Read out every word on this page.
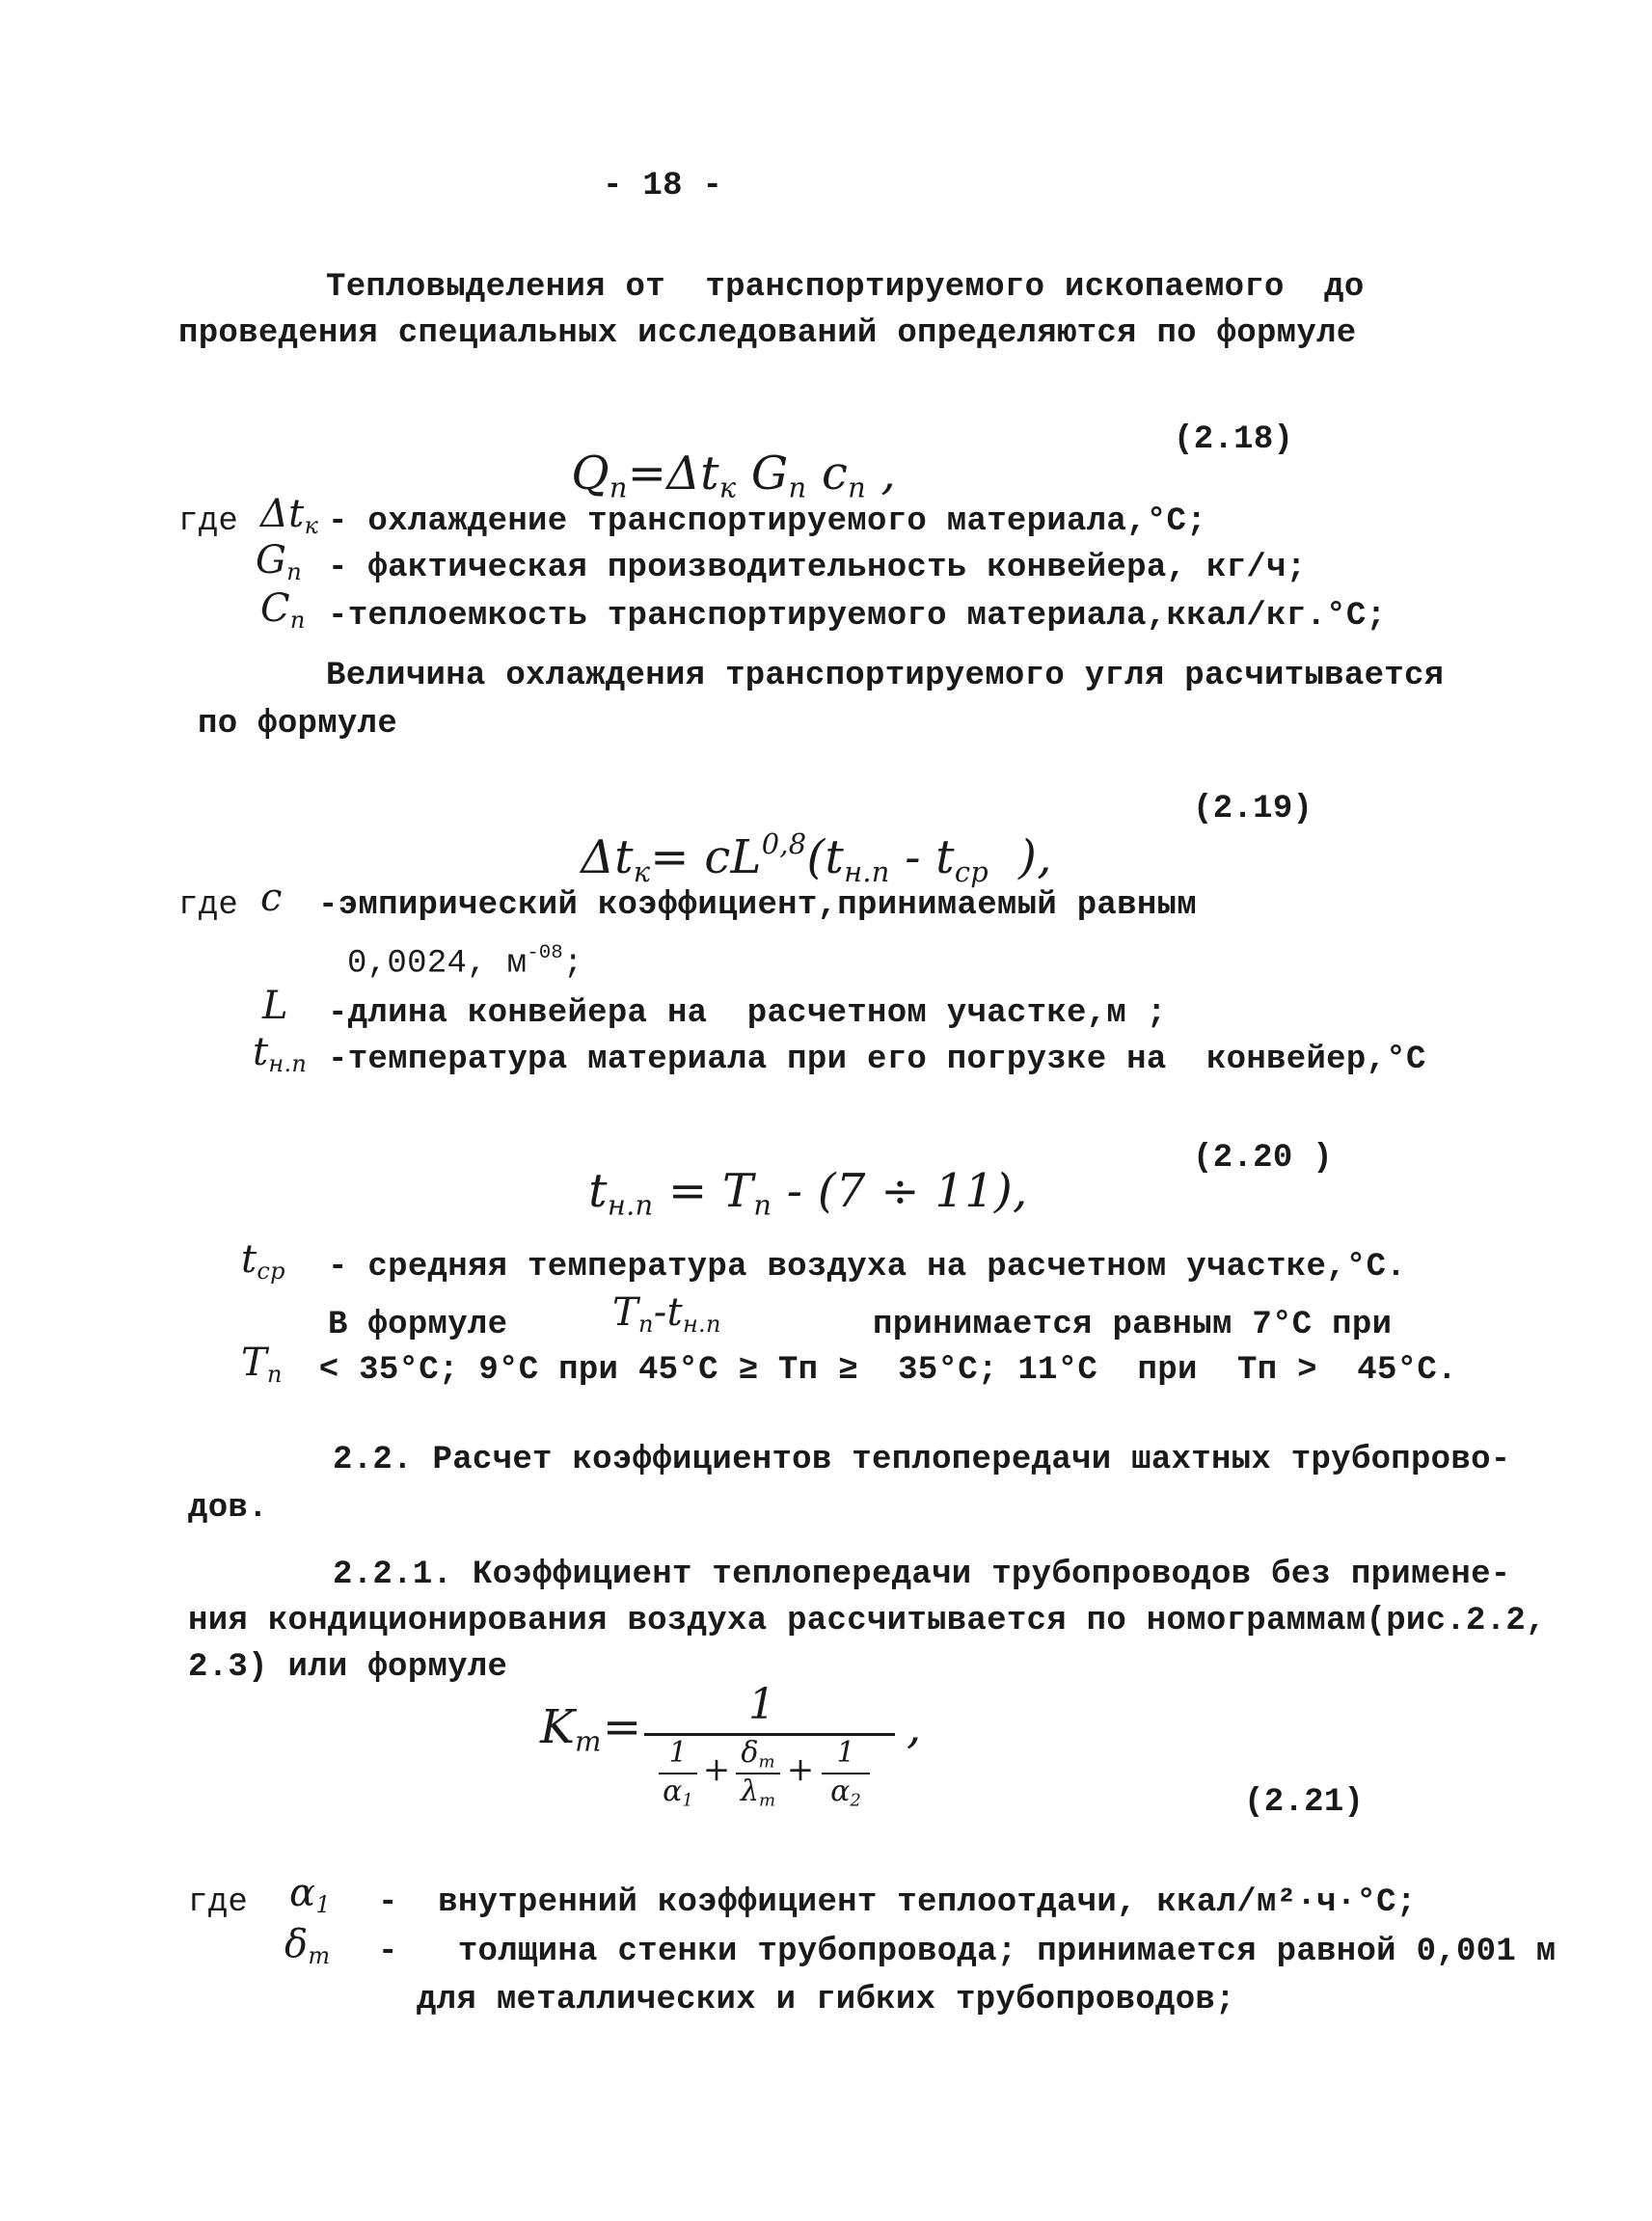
- 18 -
Тепловыделения от  транспортируемого ископаемого  до
проведения специальных исследований определяются по формуле

$Q_п=\Delta t_к$ $G_п$ $c_п$ ,

(2.18)
где $\Delta t_к$ - охлаждение транспортируемого материала,°C;
$G_п$ - фактическая производительность конвейера, кг/ч;
$C_п$ -теплоемкость транспортируемого материала,ккал/кг.°C;
Величина охлаждения транспортируемого угля расчитывается
по формуле

$\Delta t_к= cL^{0,8}(t_{н.п} - t_{ср}$  ),

(2.19)
где c -эмпирический коэффициент,принимаемый равным
0,0024, $м^{-08}$;
L -длина конвейера на  расчетном участке,м ;
$t_{н.п}$ -температура материала при его погрузке на  конвейер,°C

$t_{н.п} = T_п - (7 \div 11)$,

(2.20 )
$t_{ср}$ - средняя температура воздуха на расчетном участке,°C.
В формуле	$T_п-t_{н.п}$	принимается равным 7°C при
$T_п < 35^\circ C$; 9°C при 45°C ≥ Тп ≥  35°C; 11°C  при  Тп >  45°C.
2.2. Расчет коэффициентов теплопередачи шахтных трубопрово-
дов.
2.2.1. Коэффициент теплопередачи трубопроводов без примене-
ния кондиционирования воздуха рассчитывается по номограммам(рис.2.2,
2.3) или формуле
$K_т$ =	1	,
1
$\alpha_1$
+ $\delta_т$
$\lambda_т$
+ 1
$\alpha_2$	(2.21)
где $\alpha_1$ -  внутренний коэффициент теплоотдачи, ккал/м²·ч·°C;
$\delta_т$ -   толщина стенки трубопровода; принимается равной 0,001 м
для металлических и гибких трубопроводов;
